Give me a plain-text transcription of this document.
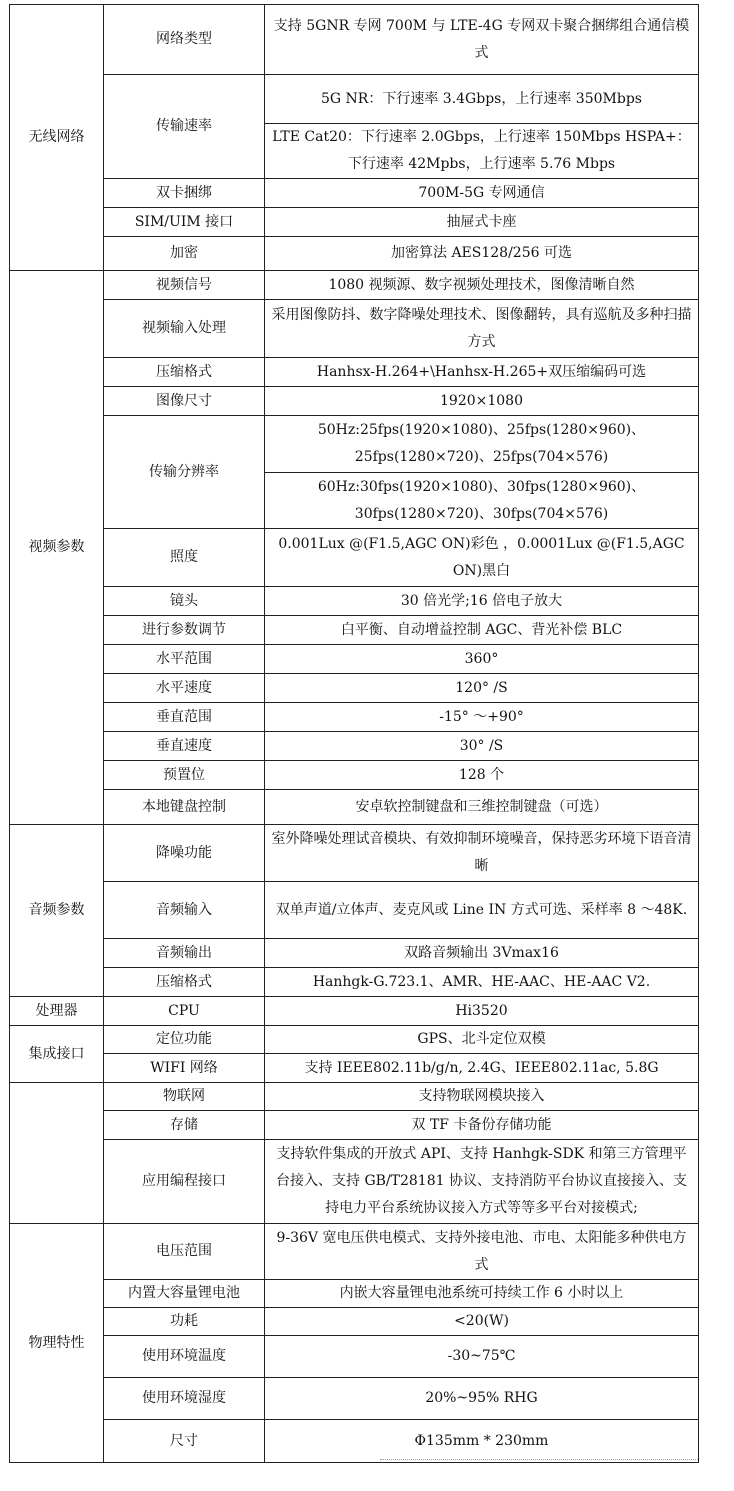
无线网络	网络类型	支持 5GNR 专网 700M 与 LTE-4G 专网双卡聚合捆绑组合通信模式
	传输速率	5G NR：下行速率 3.4Gbps，上行速率 350Mbps
		LTE Cat20：下行速率 2.0Gbps，上行速率 150Mbps HSPA+：下行速率 42Mpbs，上行速率 5.76 Mbps
	双卡捆绑	700M-5G 专网通信
	SIM/UIM 接口	抽屉式卡座
	加密	加密算法 AES128/256 可选
视频参数	视频信号	1080 视频源、数字视频处理技术，图像清晰自然
	视频输入处理	采用图像防抖、数字降噪处理技术、图像翻转，具有巡航及多种扫描方式
	压缩格式	Hanhsx-H.264+\Hanhsx-H.265+双压缩编码可选
	图像尺寸	1920×1080
	传输分辨率	50Hz:25fps(1920×1080)、25fps(1280×960)、25fps(1280×720)、25fps(704×576)
		60Hz:30fps(1920×1080)、30fps(1280×960)、30fps(1280×720)、30fps(704×576)
	照度	0.001Lux @(F1.5,AGC ON)彩色 ，0.0001Lux @(F1.5,AGC ON)黑白
	镜头	30 倍光学;16 倍电子放大
	进行参数调节	白平衡、自动增益控制 AGC、背光补偿 BLC
	水平范围	360°
	水平速度	120° /S
	垂直范围	-15° ～+90°
	垂直速度	30° /S
	预置位	128 个
	本地键盘控制	安卓软控制键盘和三维控制键盘（可选）
音频参数	降噪功能	室外降噪处理试音模块、有效抑制环境噪音，保持恶劣环境下语音清晰
	音频输入	双单声道/立体声、麦克风或 Line IN 方式可选、采样率 8 ～48K.
	音频输出	双路音频输出 3Vmax16
	压缩格式	Hanhgk-G.723.1、AMR、HE-AAC、HE-AAC V2.
处理器	CPU	Hi3520
集成接口	定位功能	GPS、北斗定位双模
	WIFI 网络	支持 IEEE802.11b/g/n, 2.4G、IEEE802.11ac, 5.8G
	物联网	支持物联网模块接入
	存储	双 TF 卡备份存储功能
	应用编程接口	支持软件集成的开放式 API、支持 Hanhgk-SDK 和第三方管理平台接入、支持 GB/T28181 协议、支持消防平台协议直接接入、支持电力平台系统协议接入方式等等多平台对接模式;
物理特性	电压范围	9-36V 宽电压供电模式、支持外接电池、市电、太阳能多种供电方式
	内置大容量锂电池	内嵌大容量锂电池系统可持续工作 6 小时以上
	功耗	<20(W)
	使用环境温度	-30~75℃
	使用环境湿度	20%~95% RHG
	尺寸	Φ135mm * 230mm
